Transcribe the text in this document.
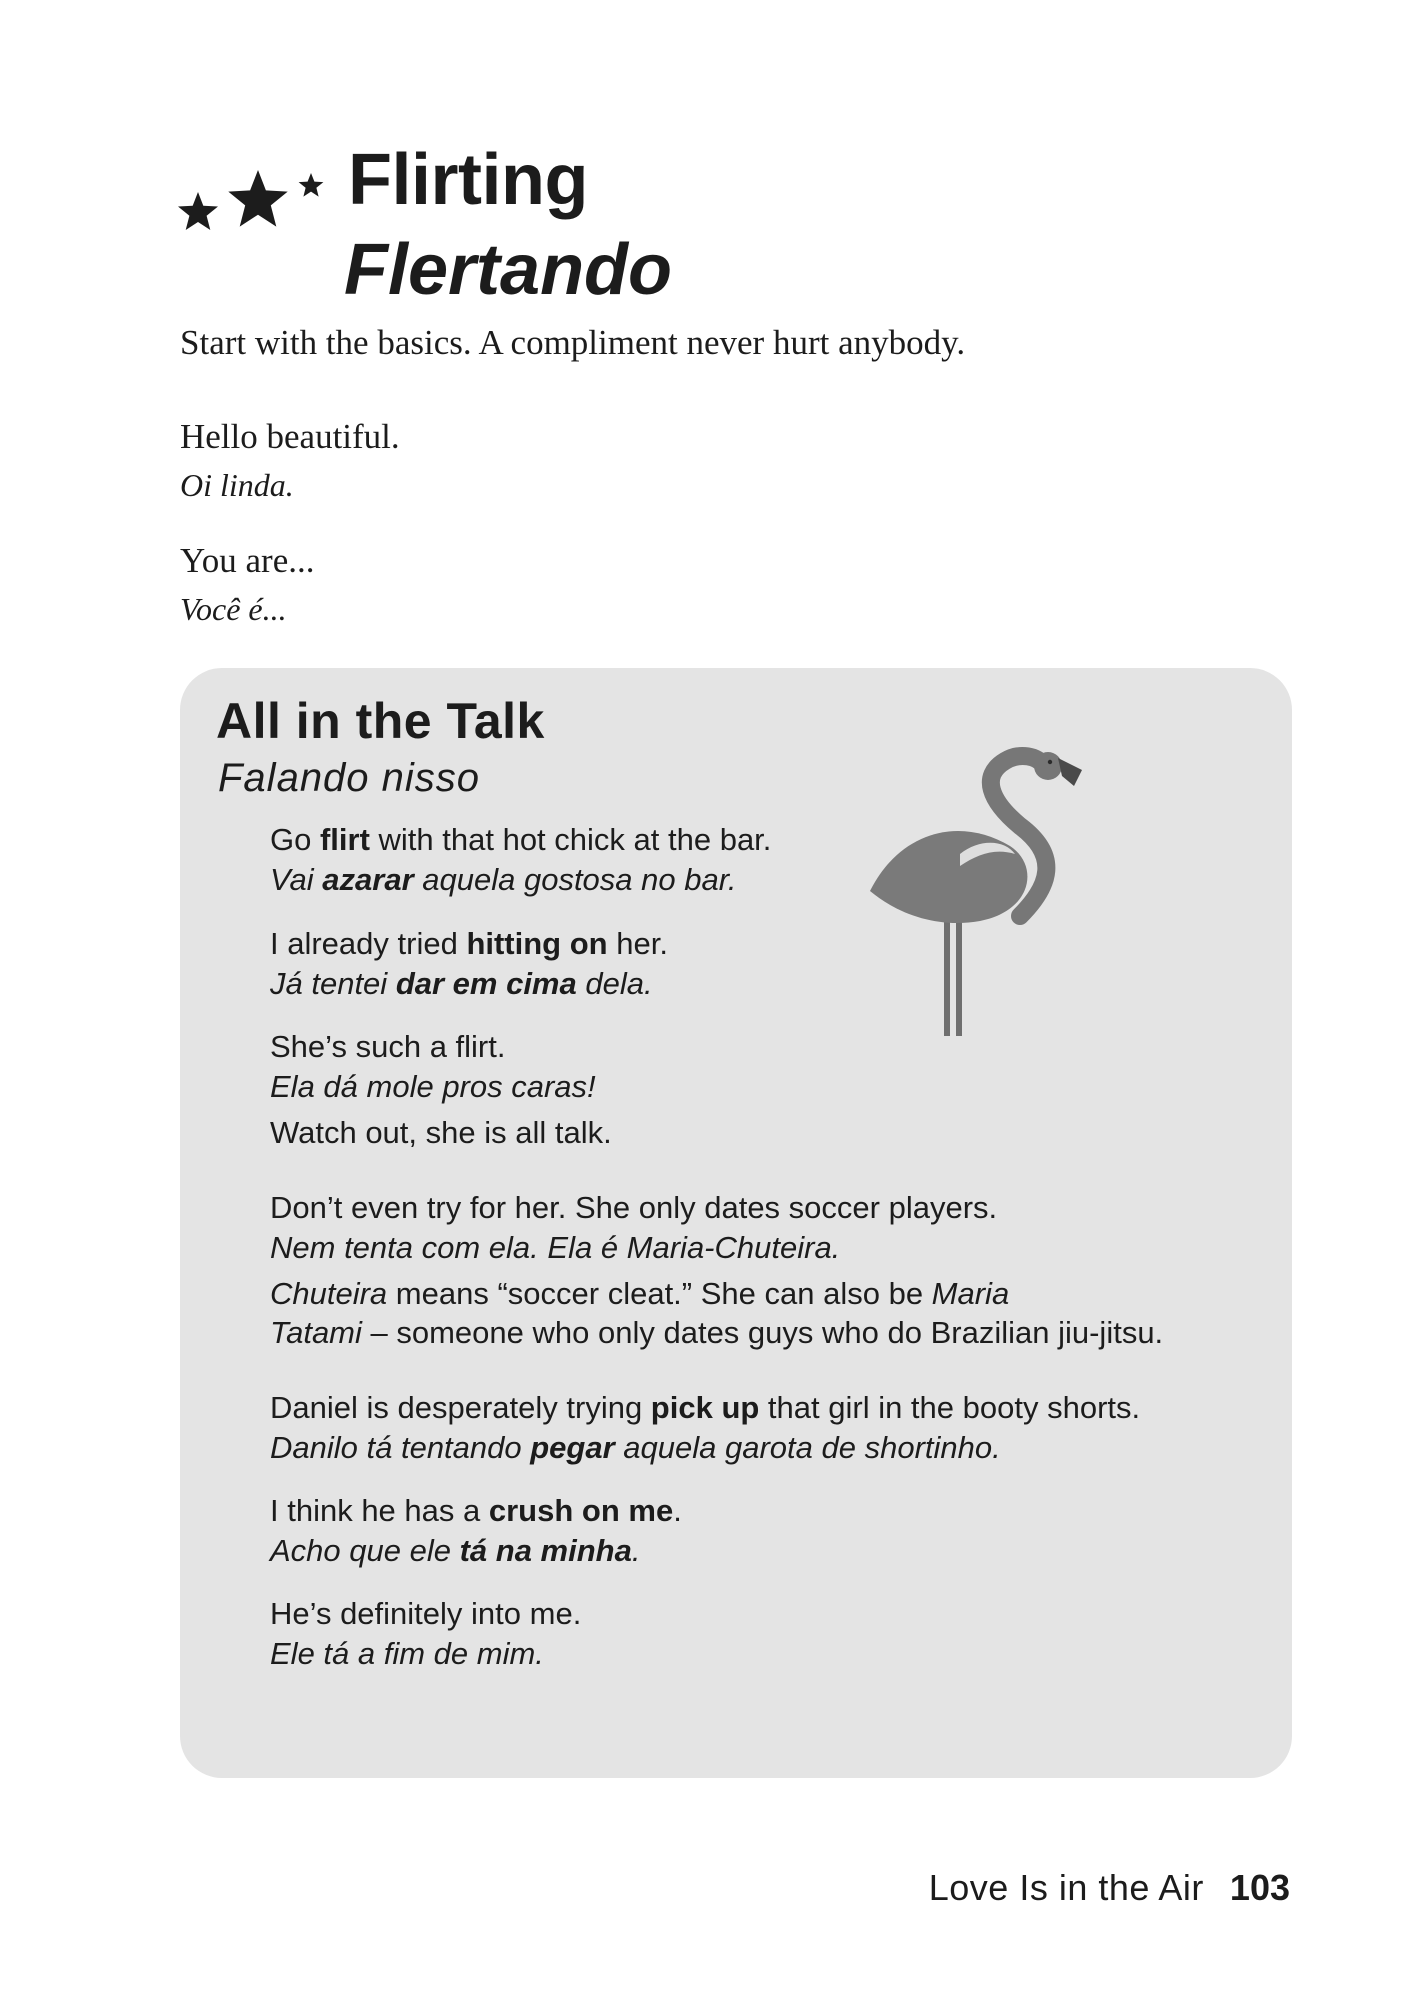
Flirting
Flertando
Start with the basics. A compliment never hurt anybody.
Hello beautiful.
Oi linda.
You are...
Você é...
All in the Talk
Falando nisso
Go flirt with that hot chick at the bar.
Vai azarar aquela gostosa no bar.
I already tried hitting on her.
Já tentei dar em cima dela.
She’s such a flirt.
Ela dá mole pros caras!
Watch out, she is all talk.
Don’t even try for her. She only dates soccer players.
Nem tenta com ela. Ela é Maria-Chuteira.
Chuteira means “soccer cleat.” She can also be Maria
Tatami – someone who only dates guys who do Brazilian jiu-jitsu.
Daniel is desperately trying pick up that girl in the booty shorts.
Danilo tá tentando pegar aquela garota de shortinho.
I think he has a crush on me.
Acho que ele tá na minha.
He’s definitely into me.
Ele tá a fim de mim.
Love Is in the Air 103
